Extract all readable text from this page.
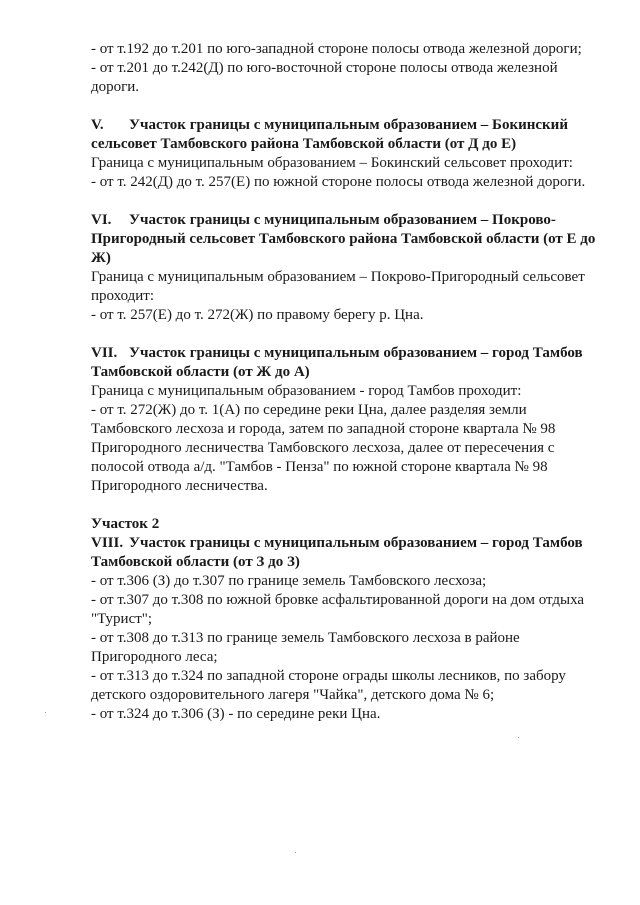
- от т.192 до т.201 по юго-западной стороне полосы отвода железной дороги;
- от т.201 до т.242(Д) по юго-восточной стороне полосы отвода железной
дороги.
V. Участок границы с муниципальным образованием – Бокинский
сельсовет Тамбовского района Тамбовской области (от Д до Е)
Граница с муниципальным образованием – Бокинский сельсовет проходит:
- от т. 242(Д) до т. 257(Е) по южной стороне полосы отвода железной дороги.
VI. Участок границы с муниципальным образованием – Покрово-
Пригородный сельсовет Тамбовского района Тамбовской области (от Е до
Ж)
Граница с муниципальным образованием – Покрово-Пригородный сельсовет
проходит:
- от т. 257(Е) до т. 272(Ж) по правому берегу р. Цна.
VII. Участок границы с муниципальным образованием – город Тамбов
Тамбовской области (от Ж до А)
Граница с муниципальным образованием - город Тамбов проходит:
- от т. 272(Ж) до т. 1(А) по середине реки Цна, далее разделяя земли
Тамбовского лесхоза и города, затем по западной стороне квартала № 98
Пригородного лесничества Тамбовского лесхоза, далее от пересечения с
полосой отвода а/д. "Тамбов - Пенза" по южной стороне квартала № 98
Пригородного лесничества.
Участок 2
VIII. Участок границы с муниципальным образованием – город Тамбов
Тамбовской области (от З до З)
- от т.306 (З) до т.307 по границе земель Тамбовского лесхоза;
- от т.307 до т.308 по южной бровке асфальтированной дороги на дом отдыха
"Турист";
- от т.308 до т.313 по границе земель Тамбовского лесхоза в районе
Пригородного леса;
- от т.313 до т.324 по западной стороне ограды школы лесников, по забору
детского оздоровительного лагеря "Чайка", детского дома № 6;
- от т.324 до т.306 (З) - по середине реки Цна.
